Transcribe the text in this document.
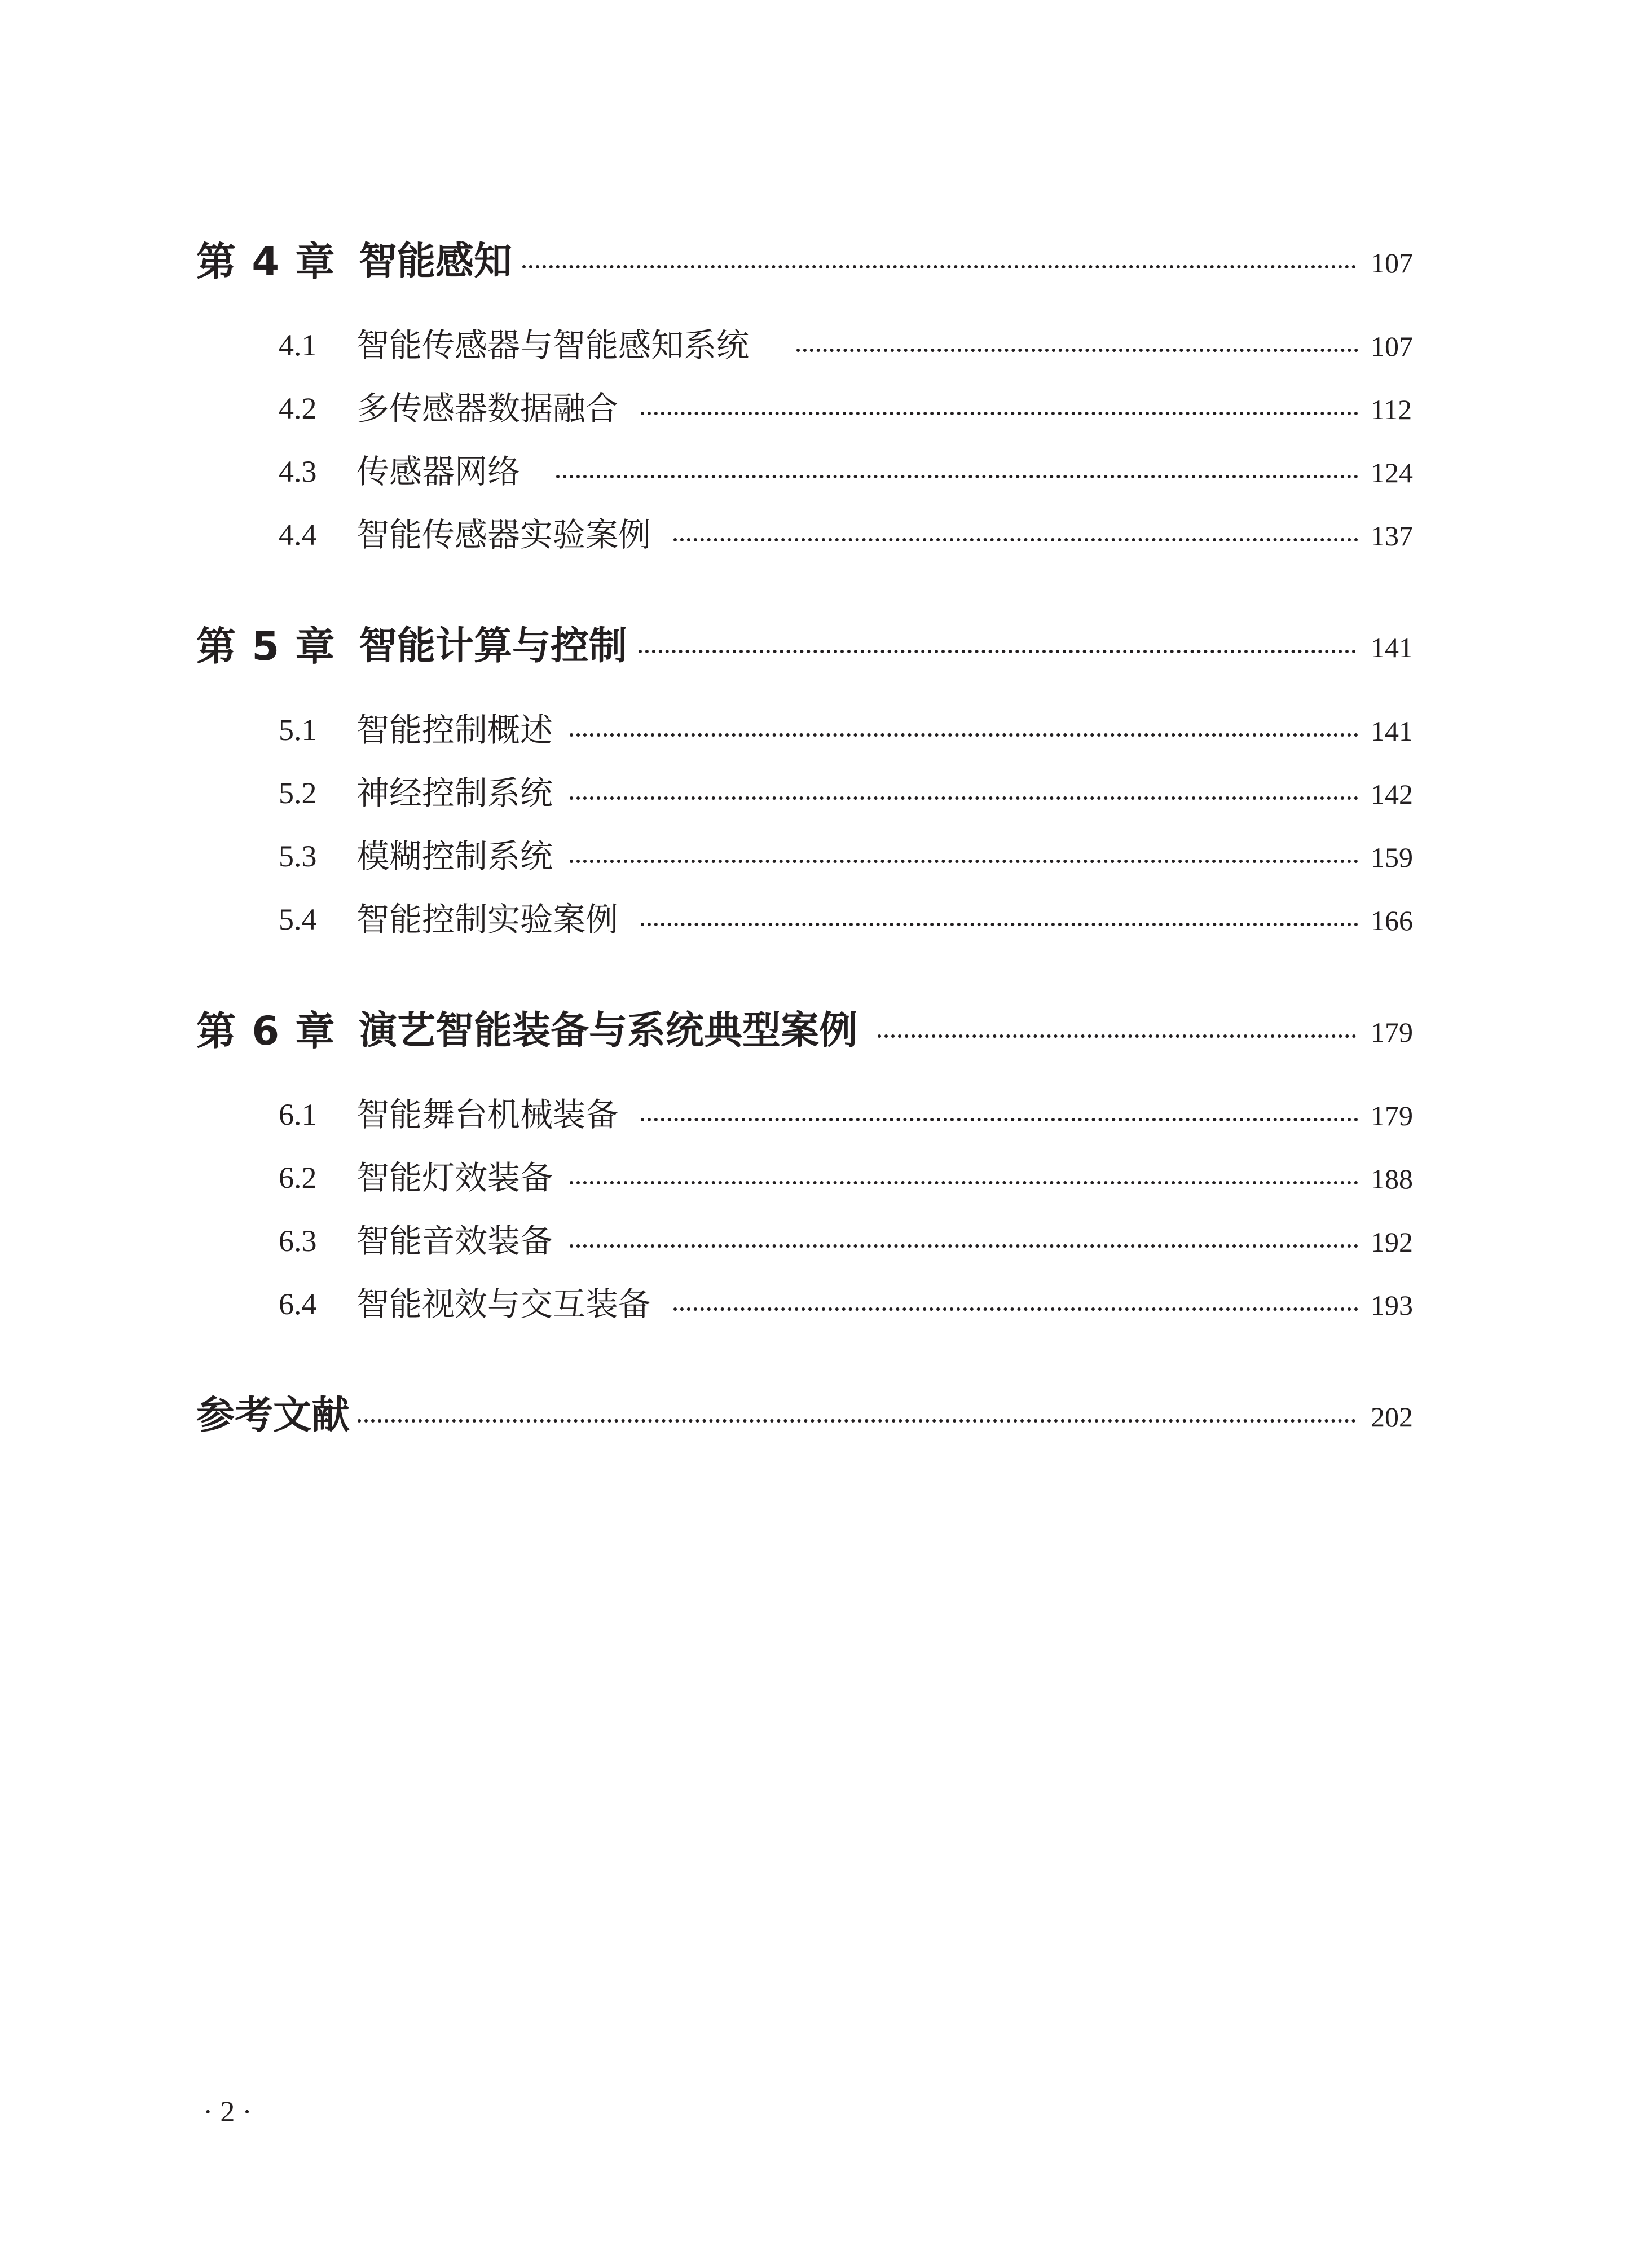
第 4 章 智能感知	107
4.1 智能传感器与智能感知系统	107
4.2 多传感器数据融合	112
4.3 传感器网络	124
4.4 智能传感器实验案例	137
第 5 章 智能计算与控制	141
5.1 智能控制概述	141
5.2 神经控制系统	142
5.3 模糊控制系统	159
5.4 智能控制实验案例	166
第 6 章 演艺智能装备与系统典型案例	179
6.1 智能舞台机械装备	179
6.2 智能灯效装备	188
6.3 智能音效装备	192
6.4 智能视效与交互装备	193
参考文献	202
· 2 ·
